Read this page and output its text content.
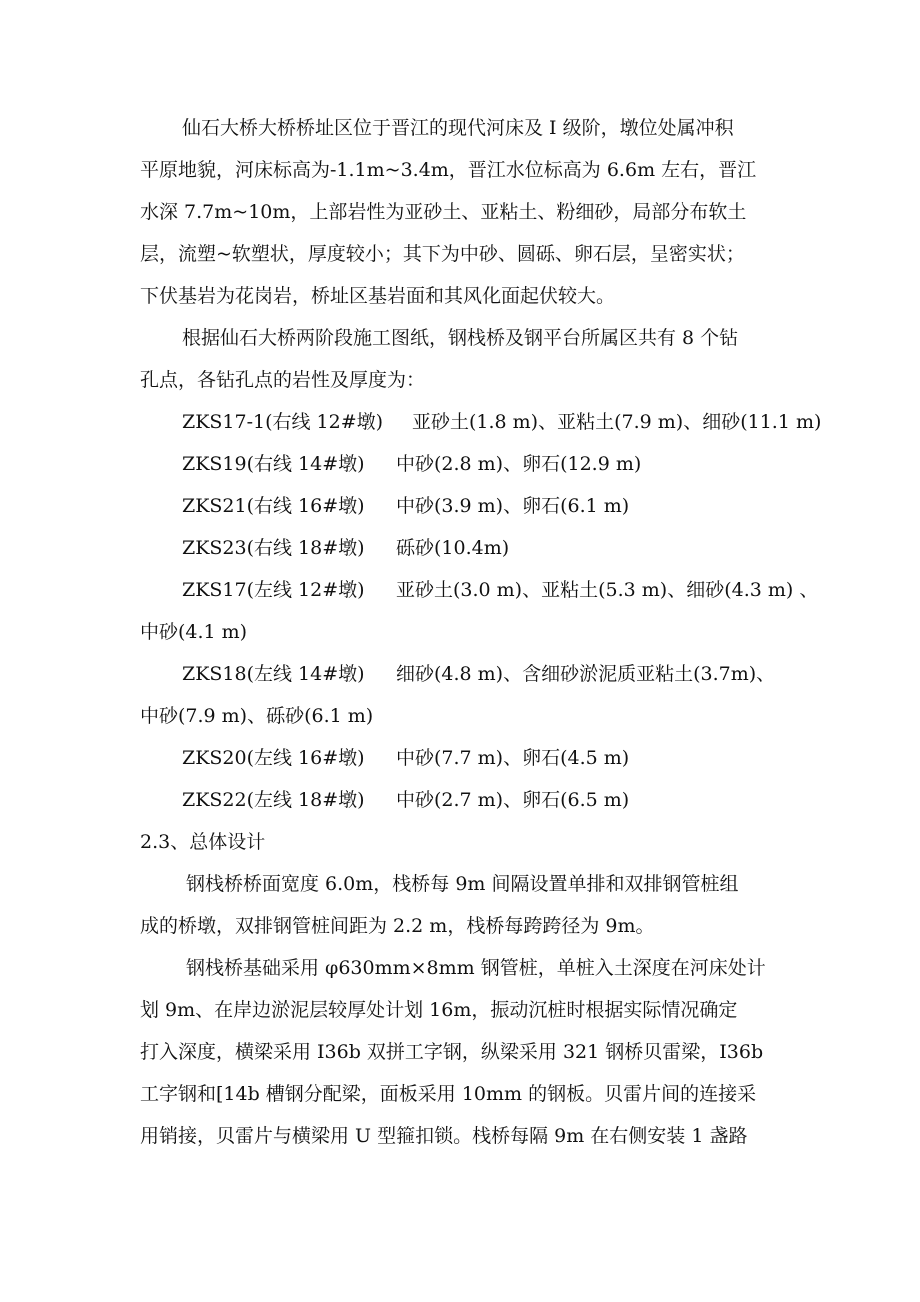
仙石大桥大桥桥址区位于晋江的现代河床及 I 级阶，墩位处属冲积
平原地貌，河床标高为-1.1m~3.4m，晋江水位标高为 6.6m 左右，晋江
水深 7.7m~10m，上部岩性为亚砂土、亚粘土、粉细砂，局部分布软土
层，流塑~软塑状，厚度较小；其下为中砂、圆砾、卵石层，呈密实状；
下伏基岩为花岗岩，桥址区基岩面和其风化面起伏较大。
根据仙石大桥两阶段施工图纸，钢栈桥及钢平台所属区共有 8 个钻
孔点，各钻孔点的岩性及厚度为：
ZKS17-1(右线 12#墩) 亚砂土(1.8 m)、亚粘土(7.9 m)、细砂(11.1 m)
ZKS19(右线 14#墩) 中砂(2.8 m)、卵石(12.9 m)
ZKS21(右线 16#墩) 中砂(3.9 m)、卵石(6.1 m)
ZKS23(右线 18#墩) 砾砂(10.4m)
ZKS17(左线 12#墩) 亚砂土(3.0 m)、亚粘土(5.3 m)、细砂(4.3 m) 、
中砂(4.1 m)
ZKS18(左线 14#墩) 细砂(4.8 m)、含细砂淤泥质亚粘土(3.7m)、
中砂(7.9 m)、砾砂(6.1 m)
ZKS20(左线 16#墩) 中砂(7.7 m)、卵石(4.5 m)
ZKS22(左线 18#墩) 中砂(2.7 m)、卵石(6.5 m)
2.3、总体设计
钢栈桥桥面宽度 6.0m，栈桥每 9m 间隔设置单排和双排钢管桩组
成的桥墩，双排钢管桩间距为 2.2 m，栈桥每跨跨径为 9m。
钢栈桥基础采用 φ630mm×8mm 钢管桩，单桩入土深度在河床处计
划 9m、在岸边淤泥层较厚处计划 16m，振动沉桩时根据实际情况确定
打入深度，横梁采用 I36b 双拼工字钢，纵梁采用 321 钢桥贝雷梁，I36b
工字钢和[14b 槽钢分配梁，面板采用 10mm 的钢板。贝雷片间的连接采
用销接，贝雷片与横梁用 U 型箍扣锁。栈桥每隔 9m 在右侧安装 1 盏路
